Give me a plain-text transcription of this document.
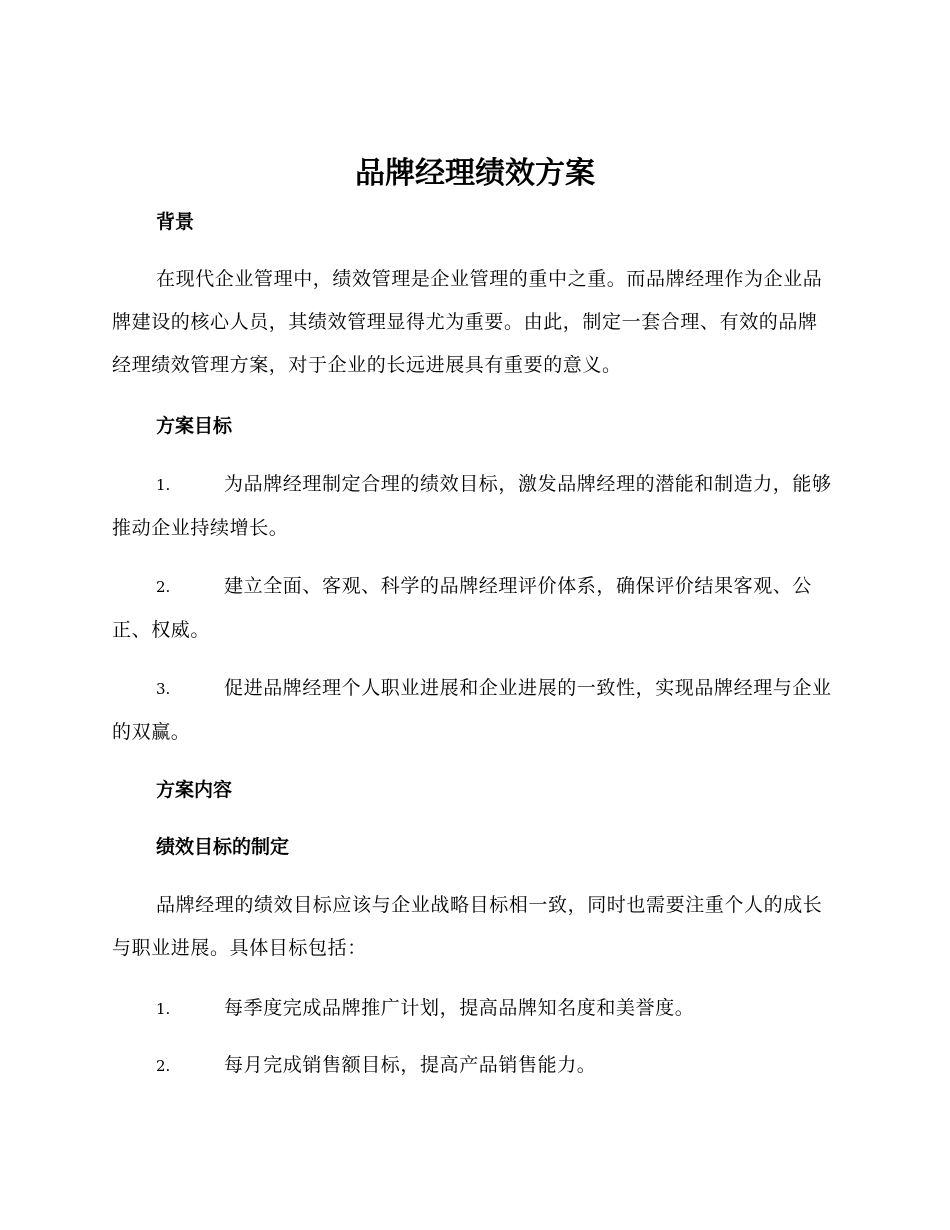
品牌经理绩效方案
背景
在现代企业管理中，绩效管理是企业管理的重中之重。而品牌经理作为企业品牌建设的核心人员，其绩效管理显得尤为重要。由此，制定一套合理、有效的品牌经理绩效管理方案，对于企业的长远进展具有重要的意义。
方案目标
1.	为品牌经理制定合理的绩效目标，激发品牌经理的潜能和制造力，能够推动企业持续增长。
2.	建立全面、客观、科学的品牌经理评价体系，确保评价结果客观、公正、权威。
3.	促进品牌经理个人职业进展和企业进展的一致性，实现品牌经理与企业的双赢。
方案内容
绩效目标的制定
品牌经理的绩效目标应该与企业战略目标相一致，同时也需要注重个人的成长与职业进展。具体目标包括：
1.	每季度完成品牌推广计划，提高品牌知名度和美誉度。
2.	每月完成销售额目标，提高产品销售能力。
